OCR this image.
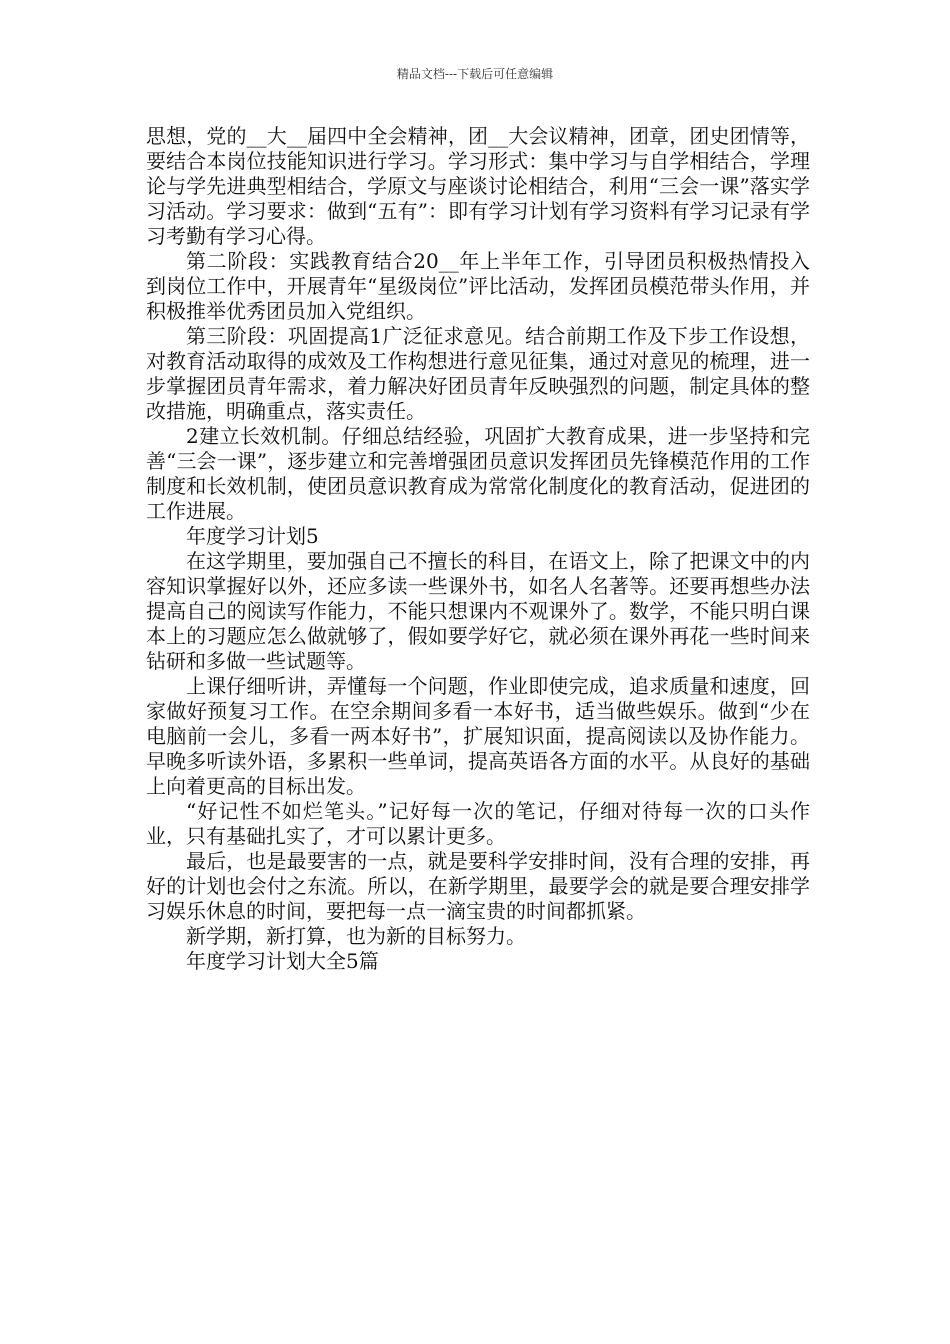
精品文档---下载后可任意编辑

思想，党的__大__届四中全会精神，团__大会议精神，团章，团史团情等，要结合本岗位技能知识进行学习。学习形式：集中学习与自学相结合，学理论与学先进典型相结合，学原文与座谈讨论相结合，利用“三会一课”落实学习活动。学习要求：做到“五有”：即有学习计划有学习资料有学习记录有学习考勤有学习心得。

第二阶段：实践教育结合20__年上半年工作，引导团员积极热情投入到岗位工作中，开展青年“星级岗位”评比活动，发挥团员模范带头作用，并积极推举优秀团员加入党组织。

第三阶段：巩固提高1广泛征求意见。结合前期工作及下步工作设想，对教育活动取得的成效及工作构想进行意见征集，通过对意见的梳理，进一步掌握团员青年需求，着力解决好团员青年反映强烈的问题，制定具体的整改措施，明确重点，落实责任。

2建立长效机制。仔细总结经验，巩固扩大教育成果，进一步坚持和完善“三会一课”，逐步建立和完善增强团员意识发挥团员先锋模范作用的工作制度和长效机制，使团员意识教育成为常常化制度化的教育活动，促进团的工作进展。

年度学习计划5

在这学期里，要加强自己不擅长的科目，在语文上，除了把课文中的内容知识掌握好以外，还应多读一些课外书，如名人名著等。还要再想些办法提高自己的阅读写作能力，不能只想课内不观课外了。数学，不能只明白课本上的习题应怎么做就够了，假如要学好它，就必须在课外再花一些时间来钻研和多做一些试题等。

上课仔细听讲，弄懂每一个问题，作业即使完成，追求质量和速度，回家做好预复习工作。在空余期间多看一本好书，适当做些娱乐。做到“少在电脑前一会儿，多看一两本好书”，扩展知识面，提高阅读以及协作能力。早晚多听读外语，多累积一些单词，提高英语各方面的水平。从良好的基础上向着更高的目标出发。

“好记性不如烂笔头。”记好每一次的笔记，仔细对待每一次的口头作业，只有基础扎实了，才可以累计更多。

最后，也是最要害的一点，就是要科学安排时间，没有合理的安排，再好的计划也会付之东流。所以，在新学期里，最要学会的就是要合理安排学习娱乐休息的时间，要把每一点一滴宝贵的时间都抓紧。

新学期，新打算，也为新的目标努力。

年度学习计划大全5篇
